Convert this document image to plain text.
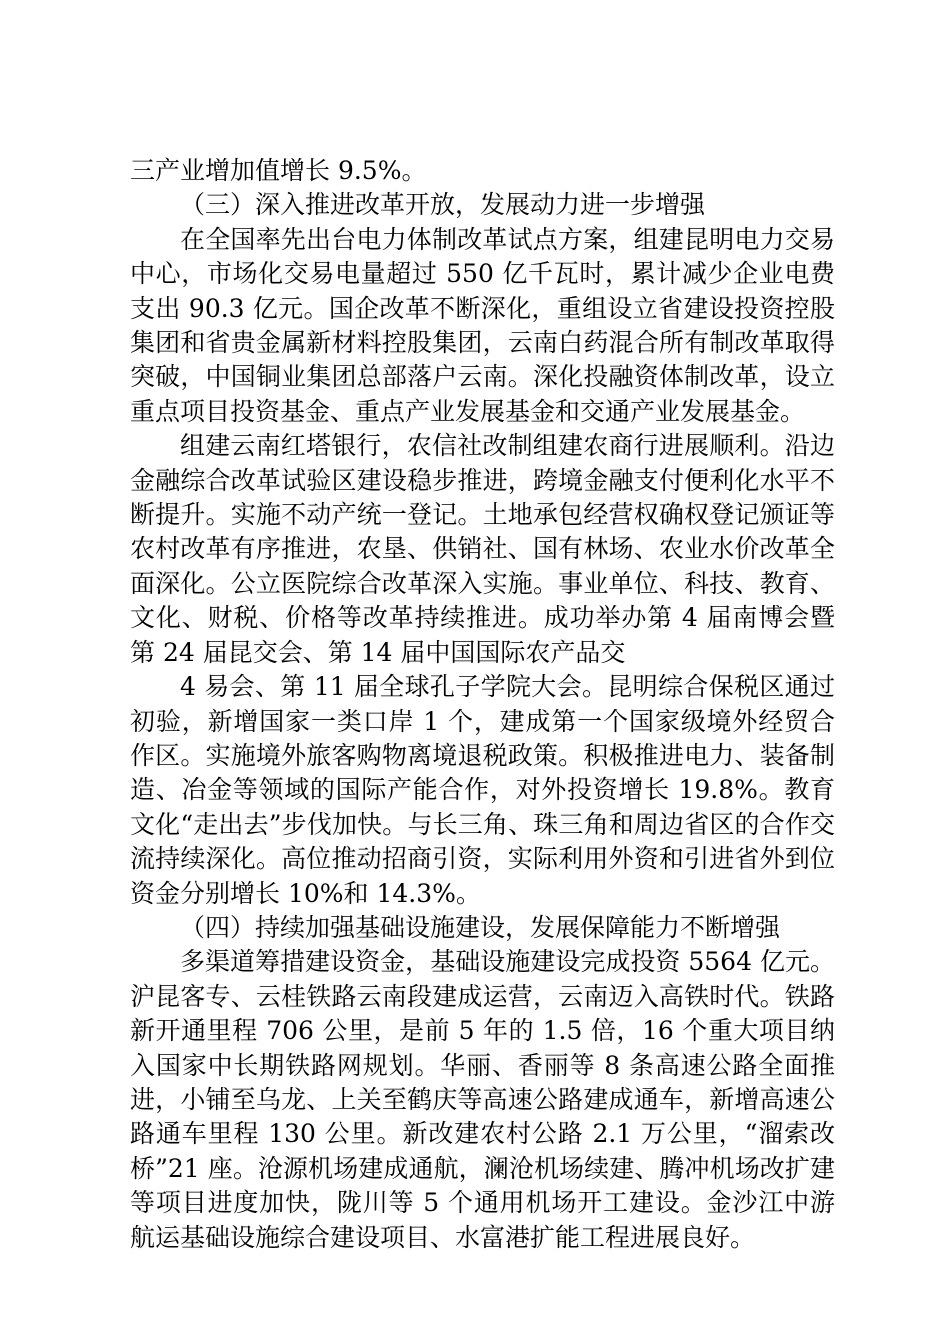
三产业增加值增长 9.5%。

（三）深入推进改革开放，发展动力进一步增强

在全国率先出台电力体制改革试点方案，组建昆明电力交易中心，市场化交易电量超过 550 亿千瓦时，累计减少企业电费支出 90.3 亿元。国企改革不断深化，重组设立省建设投资控股集团和省贵金属新材料控股集团，云南白药混合所有制改革取得突破，中国铜业集团总部落户云南。深化投融资体制改革，设立重点项目投资基金、重点产业发展基金和交通产业发展基金。

组建云南红塔银行，农信社改制组建农商行进展顺利。沿边金融综合改革试验区建设稳步推进，跨境金融支付便利化水平不断提升。实施不动产统一登记。土地承包经营权确权登记颁证等农村改革有序推进，农垦、供销社、国有林场、农业水价改革全面深化。公立医院综合改革深入实施。事业单位、科技、教育、文化、财税、价格等改革持续推进。成功举办第 4 届南博会暨第 24 届昆交会、第 14 届中国国际农产品交

4 易会、第 11 届全球孔子学院大会。昆明综合保税区通过初验，新增国家一类口岸 1 个，建成第一个国家级境外经贸合作区。实施境外旅客购物离境退税政策。积极推进电力、装备制造、冶金等领域的国际产能合作，对外投资增长 19.8%。教育文化“走出去”步伐加快。与长三角、珠三角和周边省区的合作交流持续深化。高位推动招商引资，实际利用外资和引进省外到位资金分别增长 10%和 14.3%。

（四）持续加强基础设施建设，发展保障能力不断增强

多渠道筹措建设资金，基础设施建设完成投资 5564 亿元。沪昆客专、云桂铁路云南段建成运营，云南迈入高铁时代。铁路新开通里程 706 公里，是前 5 年的 1.5 倍，16 个重大项目纳入国家中长期铁路网规划。华丽、香丽等 8 条高速公路全面推进，小铺至乌龙、上关至鹤庆等高速公路建成通车，新增高速公路通车里程 130 公里。新改建农村公路 2.1 万公里，“溜索改桥”21 座。沧源机场建成通航，澜沧机场续建、腾冲机场改扩建等项目进度加快，陇川等 5 个通用机场开工建设。金沙江中游航运基础设施综合建设项目、水富港扩能工程进展良好。
